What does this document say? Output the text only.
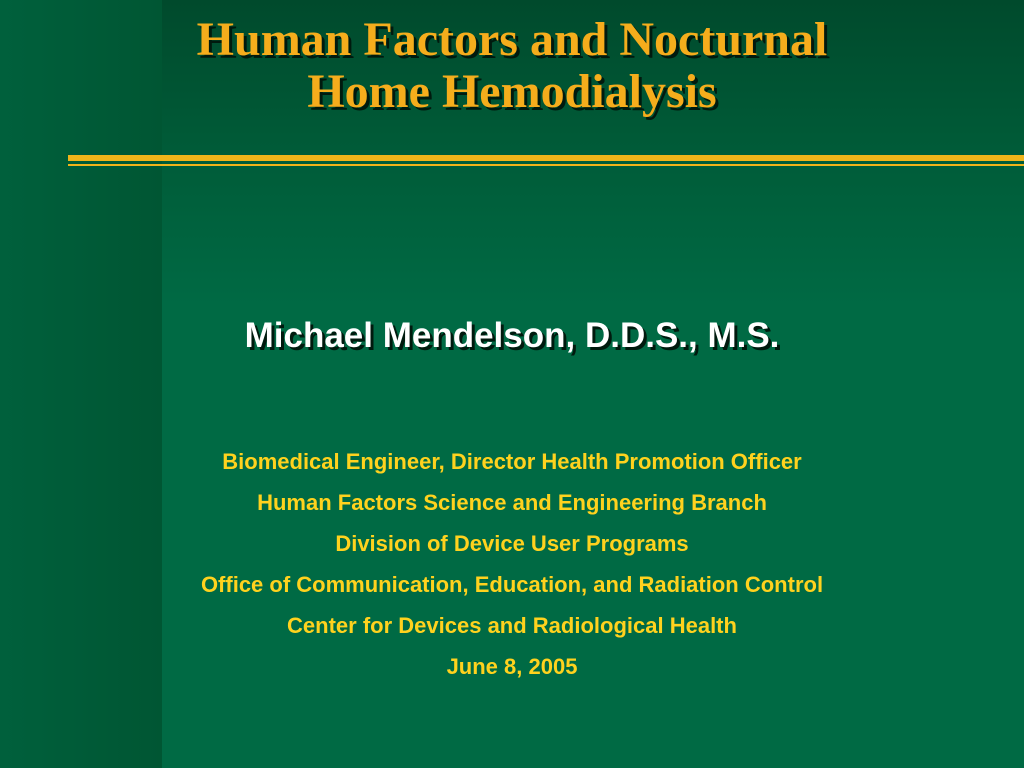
Human Factors and Nocturnal
Home Hemodialysis
Michael Mendelson, D.D.S., M.S.
Biomedical Engineer, Director Health Promotion Officer
Human Factors Science and Engineering Branch
Division of Device User Programs
Office of Communication, Education, and Radiation Control
Center for Devices and Radiological Health
June 8, 2005
